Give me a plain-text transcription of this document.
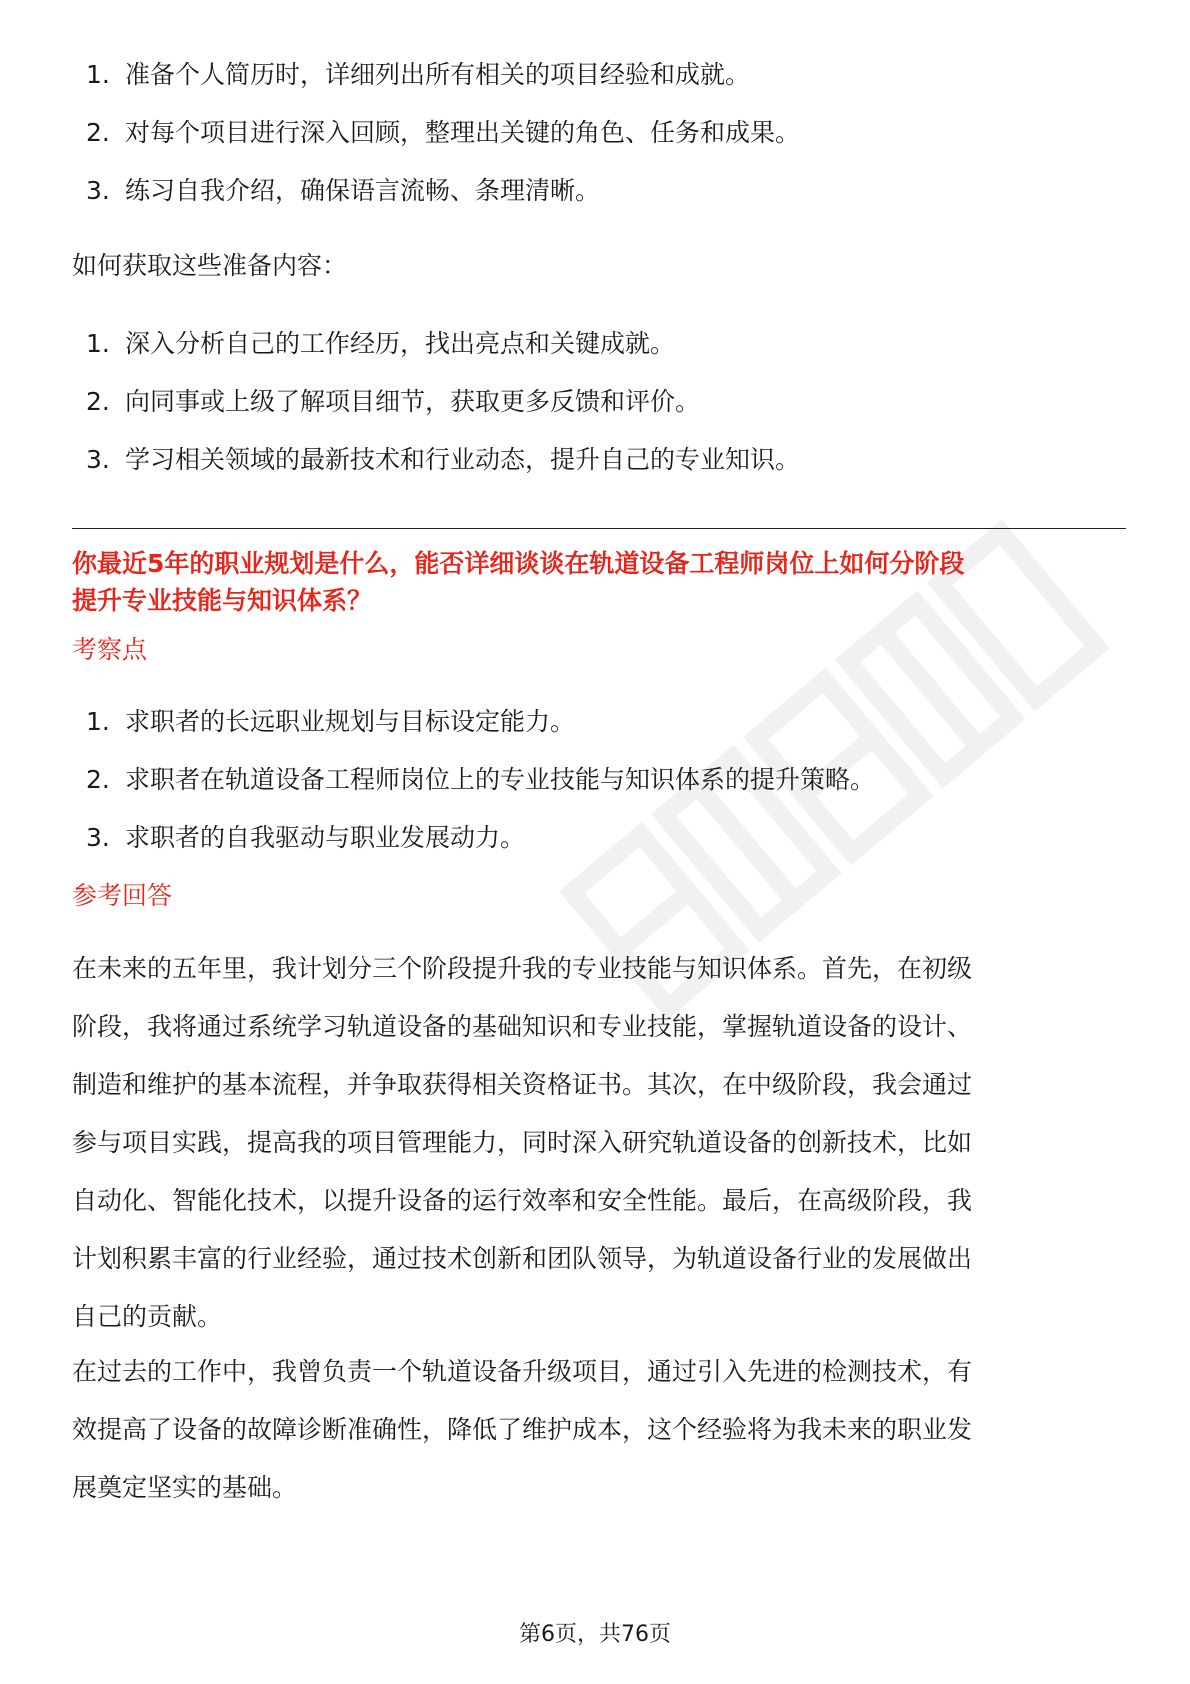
1. 准备个人简历时，详细列出所有相关的项目经验和成就。
2. 对每个项目进行深入回顾，整理出关键的角色、任务和成果。
3. 练习自我介绍，确保语言流畅、条理清晰。
如何获取这些准备内容：
1. 深入分析自己的工作经历，找出亮点和关键成就。
2. 向同事或上级了解项目细节，获取更多反馈和评价。
3. 学习相关领域的最新技术和行业动态，提升自己的专业知识。
你最近5年的职业规划是什么，能否详细谈谈在轨道设备工程师岗位上如何分阶段
提升专业技能与知识体系？
考察点
1. 求职者的长远职业规划与目标设定能力。
2. 求职者在轨道设备工程师岗位上的专业技能与知识体系的提升策略。
3. 求职者的自我驱动与职业发展动力。
参考回答
在未来的五年里，我计划分三个阶段提升我的专业技能与知识体系。首先，在初级
阶段，我将通过系统学习轨道设备的基础知识和专业技能，掌握轨道设备的设计、
制造和维护的基本流程，并争取获得相关资格证书。其次，在中级阶段，我会通过
参与项目实践，提高我的项目管理能力，同时深入研究轨道设备的创新技术，比如
自动化、智能化技术，以提升设备的运行效率和安全性能。最后，在高级阶段，我
计划积累丰富的行业经验，通过技术创新和团队领导，为轨道设备行业的发展做出
自己的贡献。
在过去的工作中，我曾负责一个轨道设备升级项目，通过引入先进的检测技术，有
效提高了设备的故障诊断准确性，降低了维护成本，这个经验将为我未来的职业发
展奠定坚实的基础。
第6页，共76页
